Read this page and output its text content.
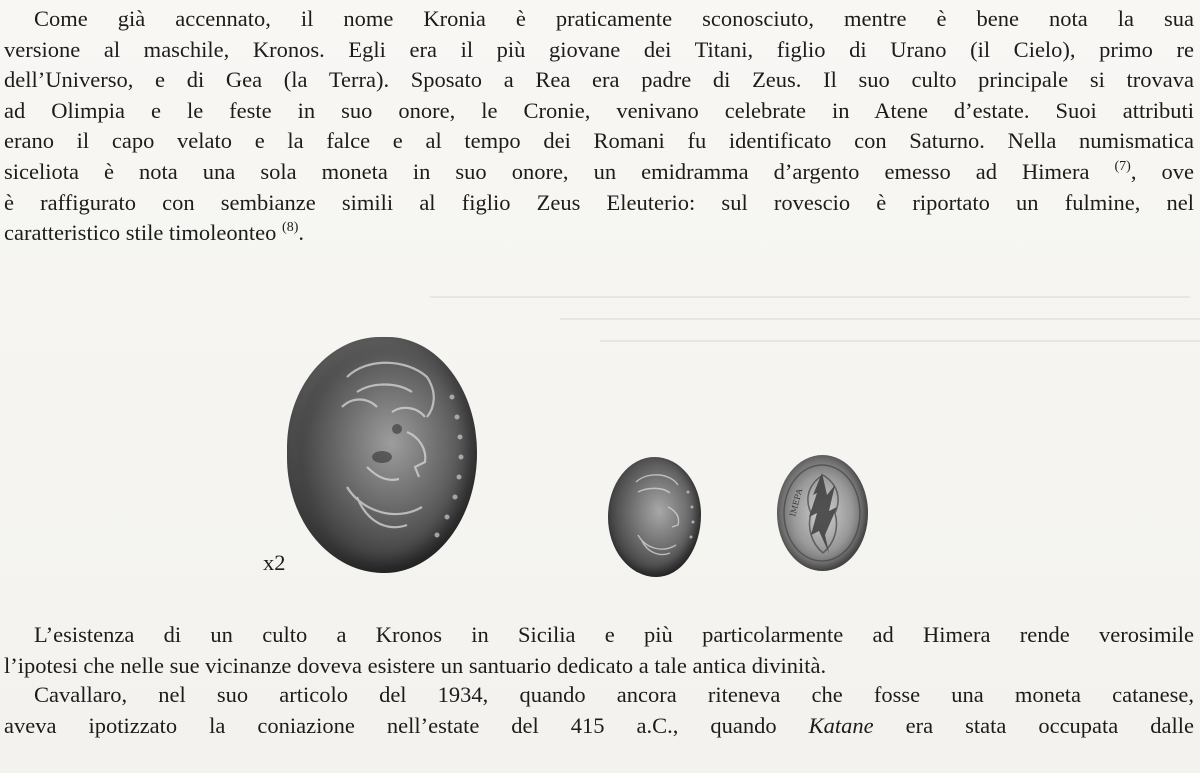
Come già accennato, il nome Kronia è praticamente sconosciuto, mentre è bene nota la sua
versione al maschile, Kronos. Egli era il più giovane dei Titani, figlio di Urano (il Cielo), primo re
dell’Universo, e di Gea (la Terra). Sposato a Rea era padre di Zeus. Il suo culto principale si trovava
ad Olimpia e le feste in suo onore, le Cronie, venivano celebrate in Atene d’estate. Suoi attributi
erano il capo velato e la falce e al tempo dei Romani fu identificato con Saturno. Nella numismatica
siceliota è nota una sola moneta in suo onore, un emidramma d’argento emesso ad Himera $^{(7)}$, ove
è raffigurato con sembianze simili al figlio Zeus Eleuterio: sul rovescio è riportato un fulmine, nel
caratteristico stile timoleonteo $^{(8)}$.

x2
ΙΜΕΡΑ

L’esistenza di un culto a Kronos in Sicilia e più particolarmente ad Himera rende verosimile
l’ipotesi che nelle sue vicinanze doveva esistere un santuario dedicato a tale antica divinità.

Cavallaro, nel suo articolo del 1934, quando ancora riteneva che fosse una moneta catanese,
aveva ipotizzato la coniazione nell’estate del 415 a.C., quando Katane era stata occupata dalle
